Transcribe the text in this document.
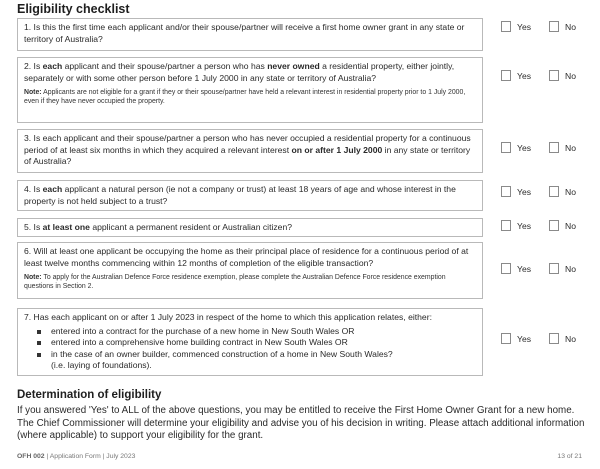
Eligibility checklist
1. Is this the first time each applicant and/or their spouse/partner will receive a first home owner grant in any state or territory of Australia?
Yes	No
2. Is each applicant and their spouse/partner a person who has never owned a residential property, either jointly, separately or with some other person before 1 July 2000 in any state or territory of Australia?
Note: Applicants are not eligible for a grant if they or their spouse/partner have held a relevant interest in residential property prior to 1 July 2000, even if they have never occupied the property.
Yes	No
3. Is each applicant and their spouse/partner a person who has never occupied a residential property for a continuous period of at least six months in which they acquired a relevant interest on or after 1 July 2000 in any state or territory of Australia?
Yes	No
4. Is each applicant a natural person (ie not a company or trust) at least 18 years of age and whose interest in the property is not held subject to a trust?
Yes	No
5. Is at least one applicant a permanent resident or Australian citizen?	Yes	No
6. Will at least one applicant be occupying the home as their principal place of residence for a continuous period of at least twelve months commencing within 12 months of completion of the eligible transaction?
Note: To apply for the Australian Defence Force residence exemption, please complete the Australian Defence Force residence exemption questions in Section 2.
Yes	No
7. Has each applicant on or after 1 July 2023 in respect of the home to which this application relates, either:
entered into a contract for the purchase of a new home in New South Wales OR
entered into a comprehensive home building contract in New South Wales OR
in the case of an owner builder, commenced construction of a home in New South Wales?
(i.e. laying of foundations).
Yes	No
Determination of eligibility
If you answered 'Yes' to ALL of the above questions, you may be entitled to receive the First Home Owner Grant for a new home. The Chief Commissioner will determine your eligibility and advise you of his decision in writing. Please attach additional information (where applicable) to support your eligibility for the grant.
OFH 002 | Application Form | July 2023	13 of 21
